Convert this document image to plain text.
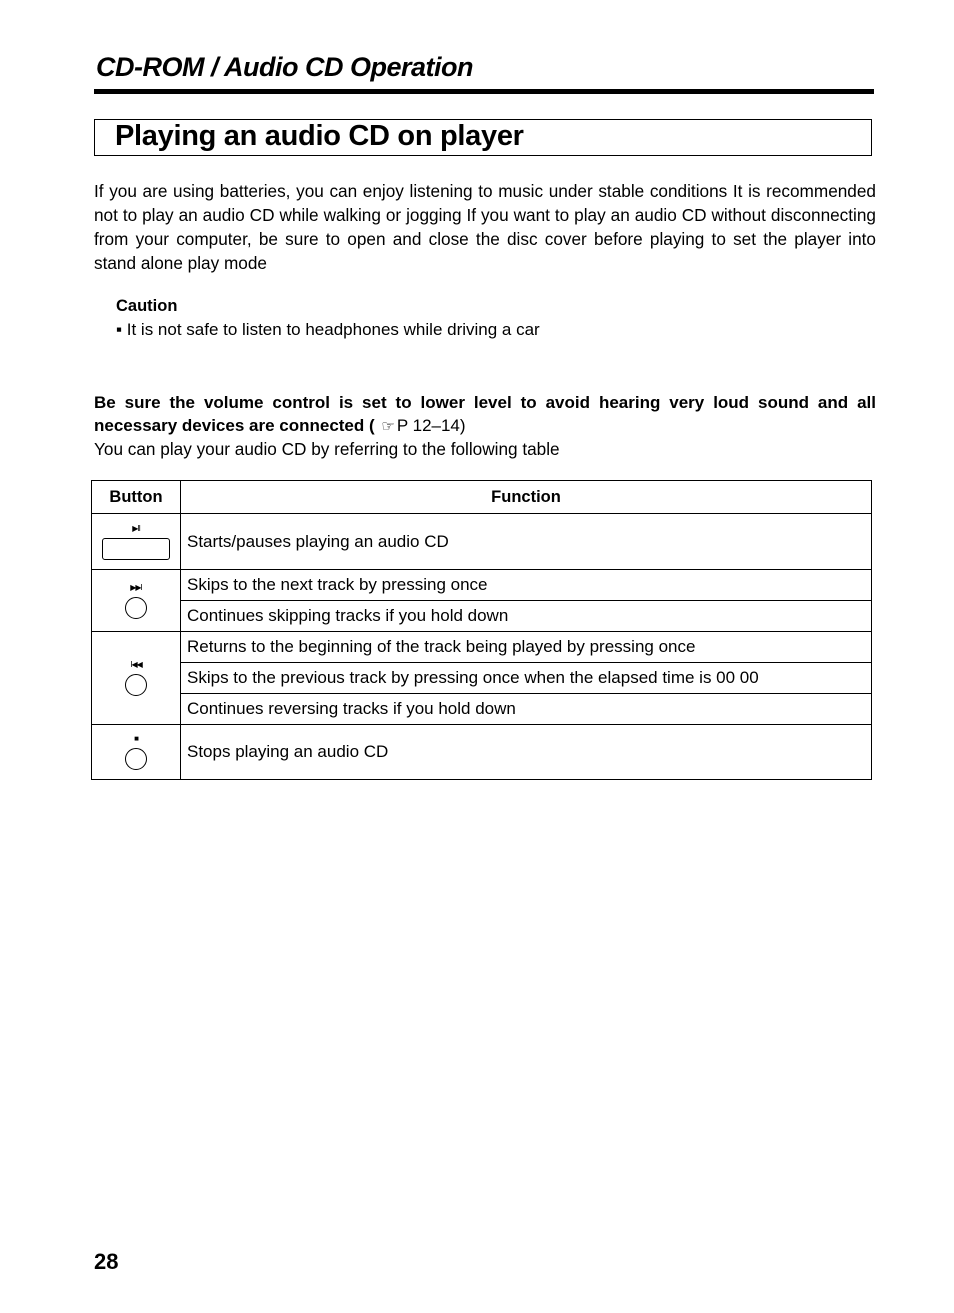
CD-ROM / Audio CD Operation
Playing an audio CD on player
If you are using batteries, you can enjoy listening to music under stable conditions It is recommended not to play an audio CD while walking or jogging If you want to play an audio CD without disconnecting from your computer, be sure to open and close the disc cover before playing to set the player into stand alone play mode
Caution
▪ It is not safe to listen to headphones while driving a car
Be sure the volume control is set to lower level to avoid hearing very loud sound and all necessary devices are connected ( ☞ P 12–14)
You can play your audio CD by referring to the following table
Button	Function

▶II	Starts/pauses playing an audio CD

▶▶I	Skips to the next track by pressing once
	Continues skipping tracks if you hold down

I◀◀	Returns to the beginning of the track being played by pressing once
	Skips to the previous track by pressing once when the elapsed time is 00 00
	Continues reversing tracks if you hold down

■	Stops playing an audio CD
28
